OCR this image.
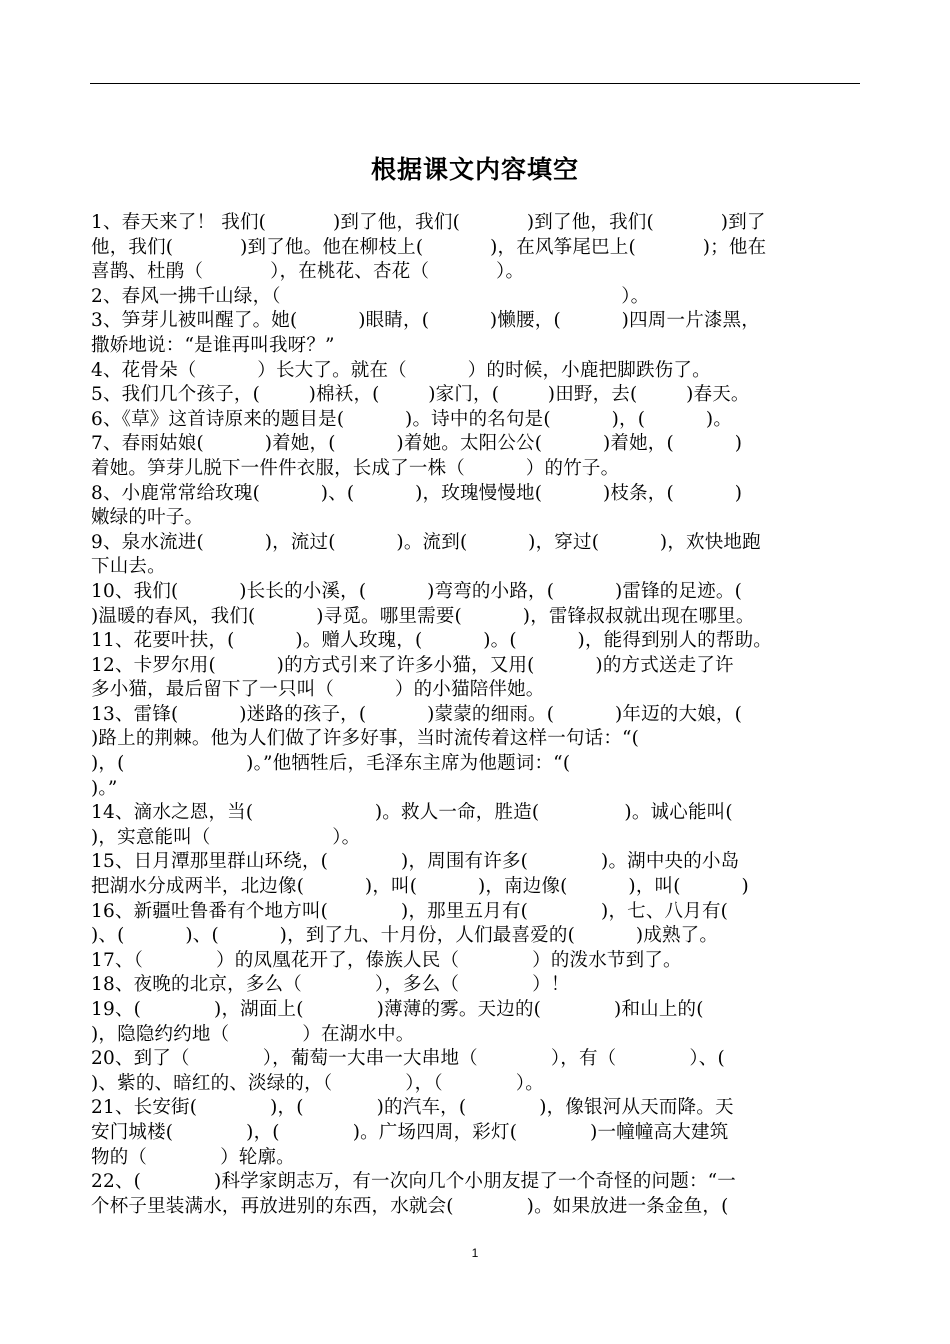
根据课文内容填空
1、春天来了！ 我们(           )到了他，我们(           )到了他，我们(           )到了
他，我们(           )到了他。他在柳枝上(           )，在风筝尾巴上(           )；他在
喜鹊、杜鹃（           ），在桃花、杏花（           ）。
2、春风一拂千山绿，（                                                        ）。
3、笋芽儿被叫醒了。她(          )眼睛，(          )懒腰，(          )四周一片漆黑，
撒娇地说：“是谁再叫我呀？”
4、花骨朵（          ）长大了。就在（          ）的时候，小鹿把脚跌伤了。
5、我们几个孩子，(        )棉袄，(        )家门，(        )田野，去(        )春天。
6、《草》这首诗原来的题目是(          )。诗中的名句是(          )，(          )。
7、春雨姑娘(          )着她，(          )着她。太阳公公(          )着她，(          )
着她。笋芽儿脱下一件件衣服，长成了一株（          ）的竹子。
8、小鹿常常给玫瑰(          )、(          )，玫瑰慢慢地(          )枝条，(          )
嫩绿的叶子。
9、泉水流进(          )，流过(          )。流到(          )，穿过(          )，欢快地跑
下山去。
10、我们(          )长长的小溪，(          )弯弯的小路，(          )雷锋的足迹。(
)温暖的春风，我们(          )寻觅。哪里需要(          )，雷锋叔叔就出现在哪里。
11、花要叶扶，(          )。赠人玫瑰，(          )。(          )，能得到别人的帮助。
12、卡罗尔用(          )的方式引来了许多小猫，又用(          )的方式送走了许
多小猫，最后留下了一只叫（          ）的小猫陪伴她。
13、雷锋(          )迷路的孩子，(          )蒙蒙的细雨。(          )年迈的大娘，(
)路上的荆棘。他为人们做了许多好事，当时流传着这样一句话：“(
)，(                    )。”他牺牲后，毛泽东主席为他题词：“(
)。”
14、滴水之恩，当(                    )。救人一命，胜造(              )。诚心能叫(
)，实意能叫（                    ）。
15、日月潭那里群山环绕，(            )，周围有许多(            )。湖中央的小岛
把湖水分成两半，北边像(          )，叫(          )，南边像(          )，叫(          )
16、新疆吐鲁番有个地方叫(            )，那里五月有(            )，七、八月有(
)、(          )、(          )，到了九、十月份，人们最喜爱的(          )成熟了。
17、（            ）的凤凰花开了，傣族人民（            ）的泼水节到了。
18、夜晚的北京，多么（            ），多么（            ）！
19、(            )，湖面上(            )薄薄的雾。天边的(            )和山上的(
)，隐隐约约地（            ）在湖水中。
20、到了（            ），葡萄一大串一大串地（            ），有（            ）、(
)、紫的、暗红的、淡绿的，（            ），（            ）。
21、长安街(            )，(            )的汽车，(            )，像银河从天而降。天
安门城楼(            )，(            )。广场四周，彩灯(            )一幢幢高大建筑
物的（            ）轮廓。
22、(            )科学家朗志万，有一次向几个小朋友提了一个奇怪的问题：“一
个杯子里装满水，再放进别的东西，水就会(            )。如果放进一条金鱼，(
1
